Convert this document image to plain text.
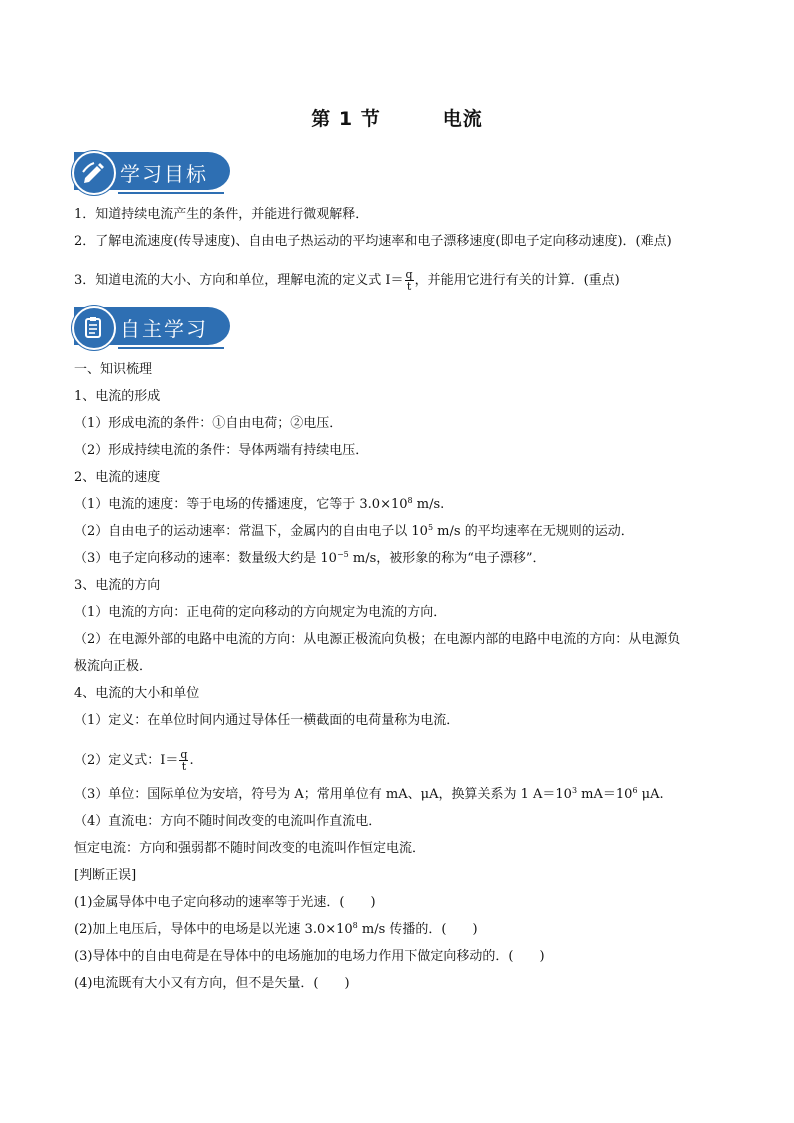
第 1 节	电流
学习目标
1．知道持续电流产生的条件，并能进行微观解释．
2．了解电流速度(传导速度)、自由电子热运动的平均速率和电子漂移速度(即电子定向移动速度)．(难点)
3．知道电流的大小、方向和单位，理解电流的定义式 $I= \frac{q}{t}$ ，并能用它进行有关的计算．(重点)
自主学习
一、知识梳理
1、电流的形成
（1）形成电流的条件：①自由电荷；②电压．
（2）形成持续电流的条件：导体两端有持续电压．
2、电流的速度
（1）电流的速度：等于电场的传播速度，它等于 $3.0\times 10^8$ m/s.
（2）自由电子的运动速率：常温下，金属内的自由电子以 $10^5$ m/s 的平均速率在无规则的运动．
（3）电子定向移动的速率：数量级大约是 $10^{-5}$ m/s，被形象的称为“电子漂移”．
3、电流的方向
（1）电流的方向：正电荷的定向移动的方向规定为电流的方向．
（2）在电源外部的电路中电流的方向：从电源正极流向负极；在电源内部的电路中电流的方向：从电源负
极流向正极．
4、电流的大小和单位
（1）定义：在单位时间内通过导体任一横截面的电荷量称为电流．
（2）定义式：$I= \frac{q}{t}$ .
（3）单位：国际单位为安培，符号为 A；常用单位有 mA、μA，换算关系为 1 $A=10^3$ $mA=10^6$ μA.
（4）直流电：方向不随时间改变的电流叫作直流电．
恒定电流：方向和强弱都不随时间改变的电流叫作恒定电流．
[判断正误]
(1)金属导体中电子定向移动的速率等于光速．(　　)
(2)加上电压后，导体中的电场是以光速 $3.0\times 10^8$ m/s 传播的．(　　)
(3)导体中的自由电荷是在导体中的电场施加的电场力作用下做定向移动的．(　　)
(4)电流既有大小又有方向，但不是矢量．(　　)
